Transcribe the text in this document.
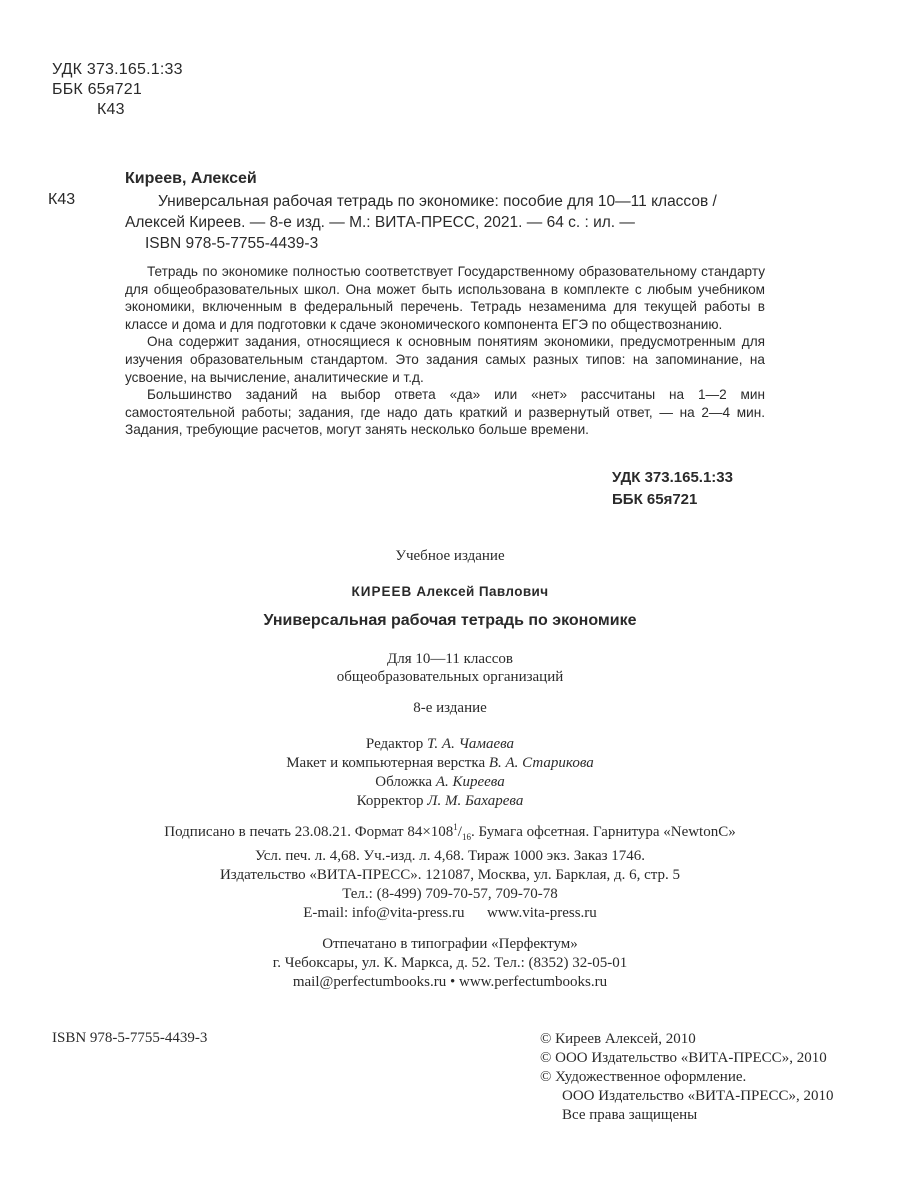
УДК 373.165.1:33
ББК 65я721
К43
Киреев, Алексей
К43	Универсальная рабочая тетрадь по экономике: пособие для 10—11 классов /
Алексей Киреев. — 8-е изд. — М.: ВИТА-ПРЕСС, 2021. — 64 с. : ил. —
ISBN 978-5-7755-4439-3

Тетрадь по экономике полностью соответствует Государственному образовательному стандарту для общеобразовательных школ. Она может быть использована в комплекте с любым учебником экономики, включенным в федеральный перечень. Тетрадь незаменима для текущей работы в классе и дома и для подготовки к сдаче экономического компонента ЕГЭ по обществознанию.

Она содержит задания, относящиеся к основным понятиям экономики, предусмотренным для изучения образовательным стандартом. Это задания самых разных типов: на запоминание, на усвоение, на вычисление, аналитические и т.д.

Большинство заданий на выбор ответа «да» или «нет» рассчитаны на 1—2 мин самостоятельной работы; задания, где надо дать краткий и развернутый ответ, — на 2—4 мин. Задания, требующие расчетов, могут занять несколько больше времени.

УДК 373.165.1:33
ББК 65я721
Учебное издание
КИРЕЕВ Алексей Павлович
Универсальная рабочая тетрадь по экономике
Для 10—11 классов
общеобразовательных организаций
8-е издание
Редактор Т. А. Чамаева
Макет и компьютерная верстка В. А. Старикова
Обложка А. Киреева
Корректор Л. М. Бахарева
Подписано в печать 23.08.21. Формат $84\times 108^1/_{16}$. Бумага офсетная. Гарнитура «NewtonC»
Усл. печ. л. 4,68. Уч.-изд. л. 4,68. Тираж 1000 экз. Заказ 1746.
Издательство «ВИТА-ПРЕСС». 121087, Москва, ул. Барклая, д. 6, стр. 5
Тел.: (8-499) 709-70-57, 709-70-78
E-mail: info@vita-press.ru www.vita-press.ru
Отпечатано в типографии «Перфектум»
г. Чебоксары, ул. К. Маркса, д. 52. Тел.: (8352) 32-05-01
mail@perfectumbooks.ru • www.perfectumbooks.ru
ISBN 978-5-7755-4439-3	© Киреев Алексей, 2010
© ООО Издательство «ВИТА-ПРЕСС», 2010
© Художественное оформление.
ООО Издательство «ВИТА-ПРЕСС», 2010
Все права защищены
